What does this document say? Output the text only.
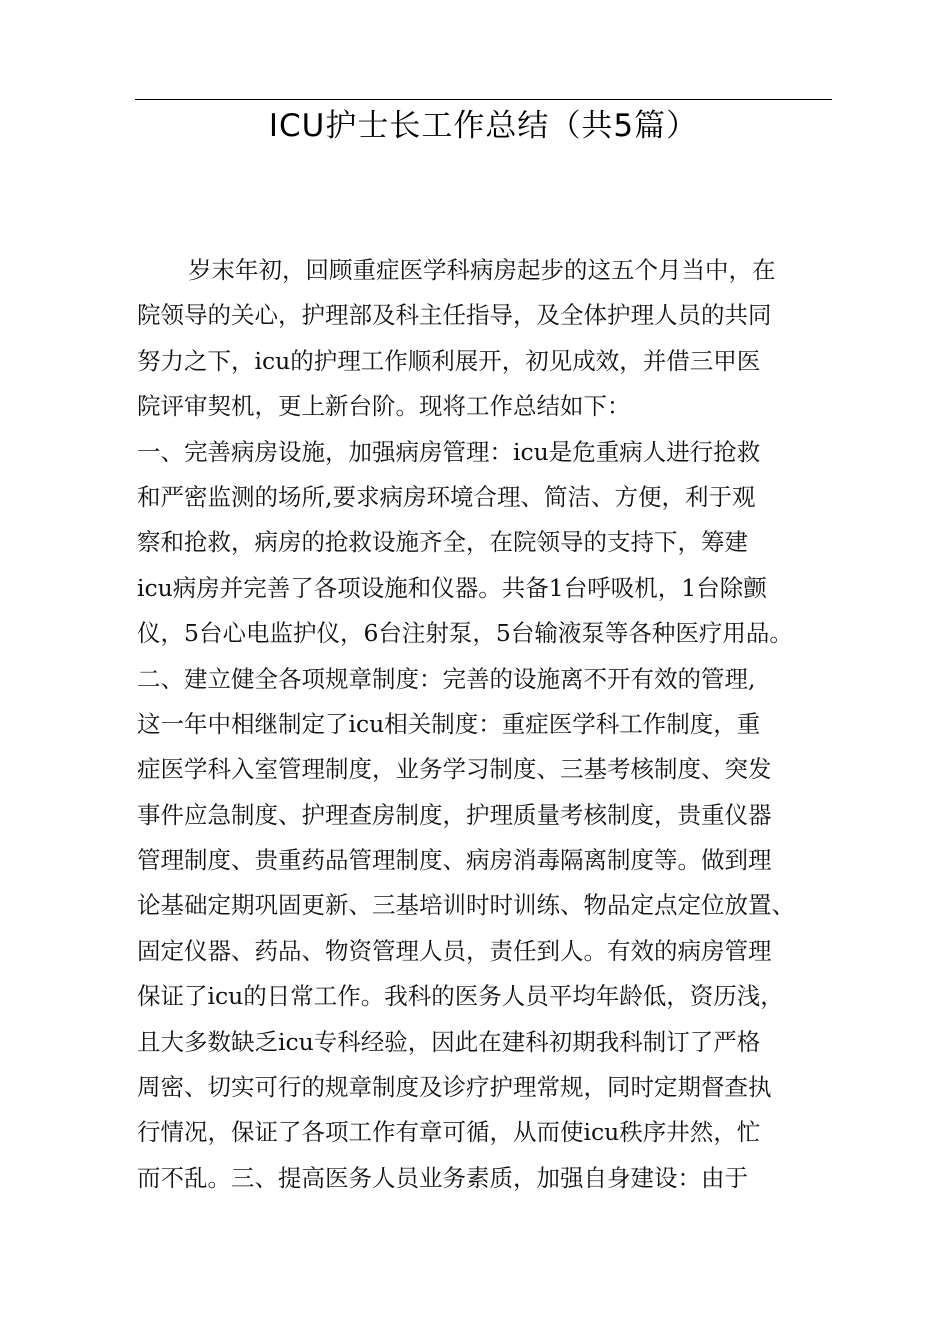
ICU护士长工作总结（共5篇）
岁末年初，回顾重症医学科病房起步的这五个月当中，在
院领导的关心，护理部及科主任指导，及全体护理人员的共同
努力之下，icu的护理工作顺利展开，初见成效，并借三甲医
院评审契机，更上新台阶。现将工作总结如下：
一、完善病房设施，加强病房管理：icu是危重病人进行抢救
和严密监测的场所,要求病房环境合理、简洁、方便，利于观
察和抢救，病房的抢救设施齐全，在院领导的支持下，筹建
icu病房并完善了各项设施和仪器。共备1台呼吸机，1台除颤
仪，5台心电监护仪，6台注射泵，5台输液泵等各种医疗用品。
二、建立健全各项规章制度：完善的设施离不开有效的管理,
这一年中相继制定了icu相关制度：重症医学科工作制度，重
症医学科入室管理制度，业务学习制度、三基考核制度、突发
事件应急制度、护理查房制度，护理质量考核制度，贵重仪器
管理制度、贵重药品管理制度、病房消毒隔离制度等。做到理
论基础定期巩固更新、三基培训时时训练、物品定点定位放置、
固定仪器、药品、物资管理人员，责任到人。有效的病房管理
保证了icu的日常工作。我科的医务人员平均年龄低，资历浅，
且大多数缺乏icu专科经验，因此在建科初期我科制订了严格
周密、切实可行的规章制度及诊疗护理常规，同时定期督查执
行情况，保证了各项工作有章可循，从而使icu秩序井然，忙
而不乱。三、提高医务人员业务素质，加强自身建设：由于
